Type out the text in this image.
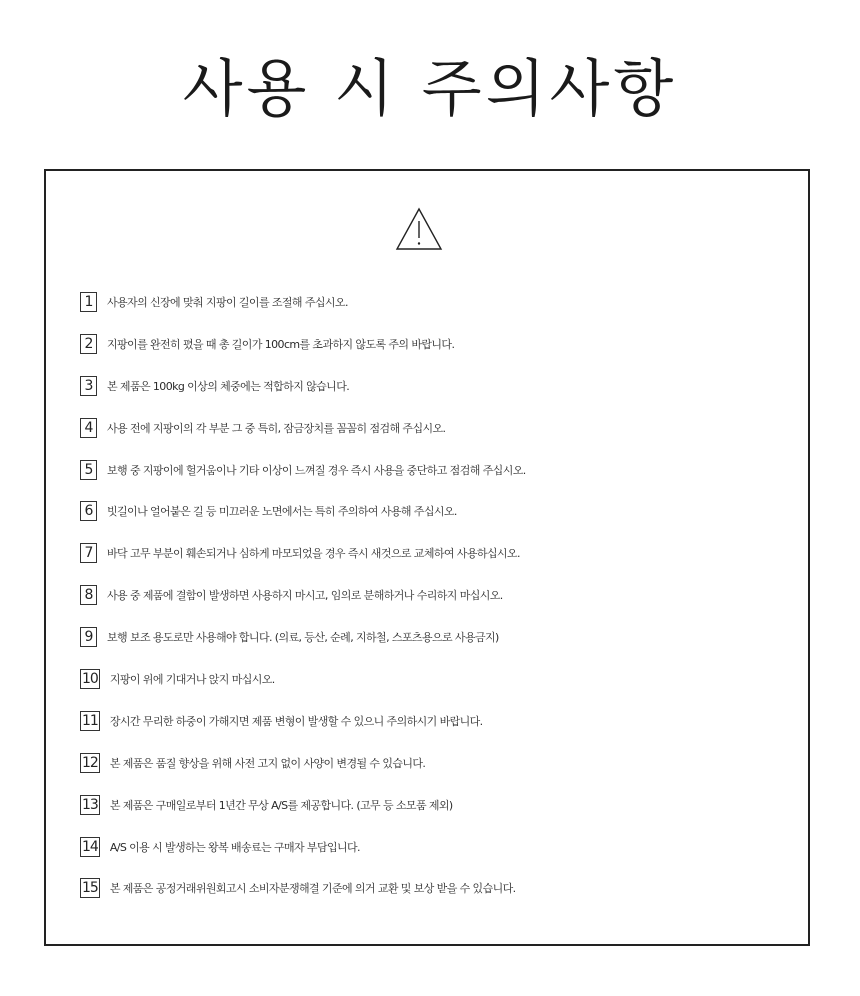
사용 시 주의사항
1	사용자의 신장에 맞춰 지팡이 길이를 조절해 주십시오.
2	지팡이를 완전히 폈을 때 총 길이가 100cm를 초과하지 않도록 주의 바랍니다.
3	본 제품은 100kg 이상의 체중에는 적합하지 않습니다.
4	사용 전에 지팡이의 각 부분 그 중 특히, 잠금장치를 꼼꼼히 점검해 주십시오.
5	보행 중 지팡이에 헐거움이나 기타 이상이 느껴질 경우 즉시 사용을 중단하고 점검해 주십시오.
6	빗길이나 얼어붙은 길 등 미끄러운 노면에서는 특히 주의하여 사용해 주십시오.
7	바닥 고무 부분이 훼손되거나 심하게 마모되었을 경우 즉시 새것으로 교체하여 사용하십시오.
8	사용 중 제품에 결함이 발생하면 사용하지 마시고, 임의로 분해하거나 수리하지 마십시오.
9	보행 보조 용도로만 사용해야 합니다. (의료, 등산, 순례, 지하철, 스포츠용으로 사용금지)
10 지팡이 위에 기대거나 앉지 마십시오.
11 장시간 무리한 하중이 가해지면 제품 변형이 발생할 수 있으니 주의하시기 바랍니다.
12 본 제품은 품질 향상을 위해 사전 고지 없이 사양이 변경될 수 있습니다.
13 본 제품은 구매일로부터 1년간 무상 A/S를 제공합니다. (고무 등 소모품 제외)
14 A/S 이용 시 발생하는 왕복 배송료는 구매자 부담입니다.
15 본 제품은 공정거래위원회고시 소비자분쟁해결 기준에 의거 교환 및 보상 받을 수 있습니다.
